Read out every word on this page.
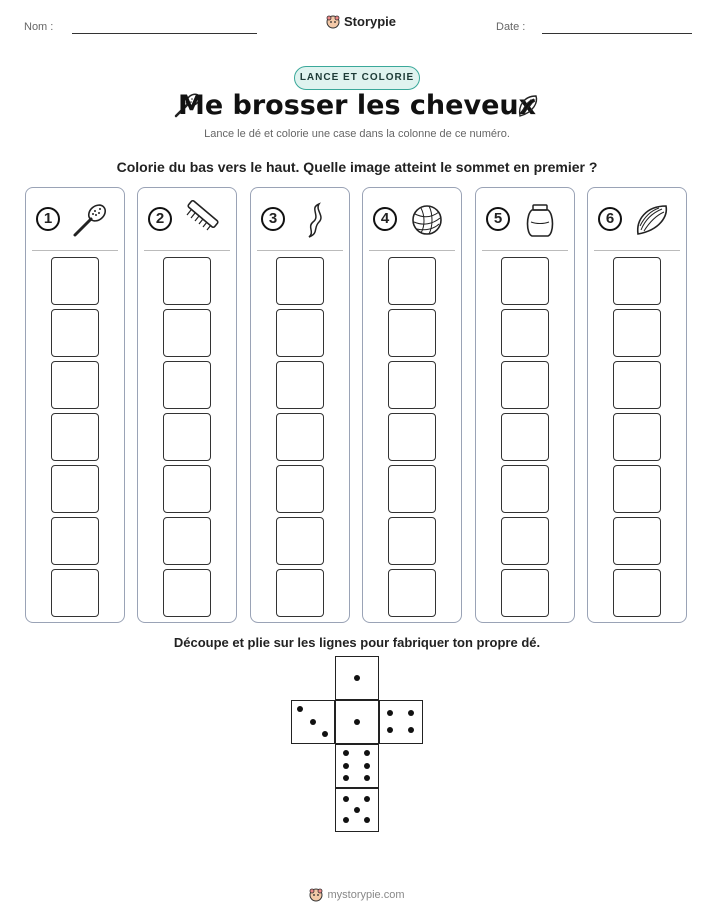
Nom :	Storypie	Date :
LANCE ET COLORIE
Me brosser les cheveux
Lance le dé et colorie une case dans la colonne de ce numéro.
Colorie du bas vers le haut. Quelle image atteint le sommet en premier ?
1	2	3	4	5	6
Découpe et plie sur les lignes pour fabriquer ton propre dé.
mystorypie.com
